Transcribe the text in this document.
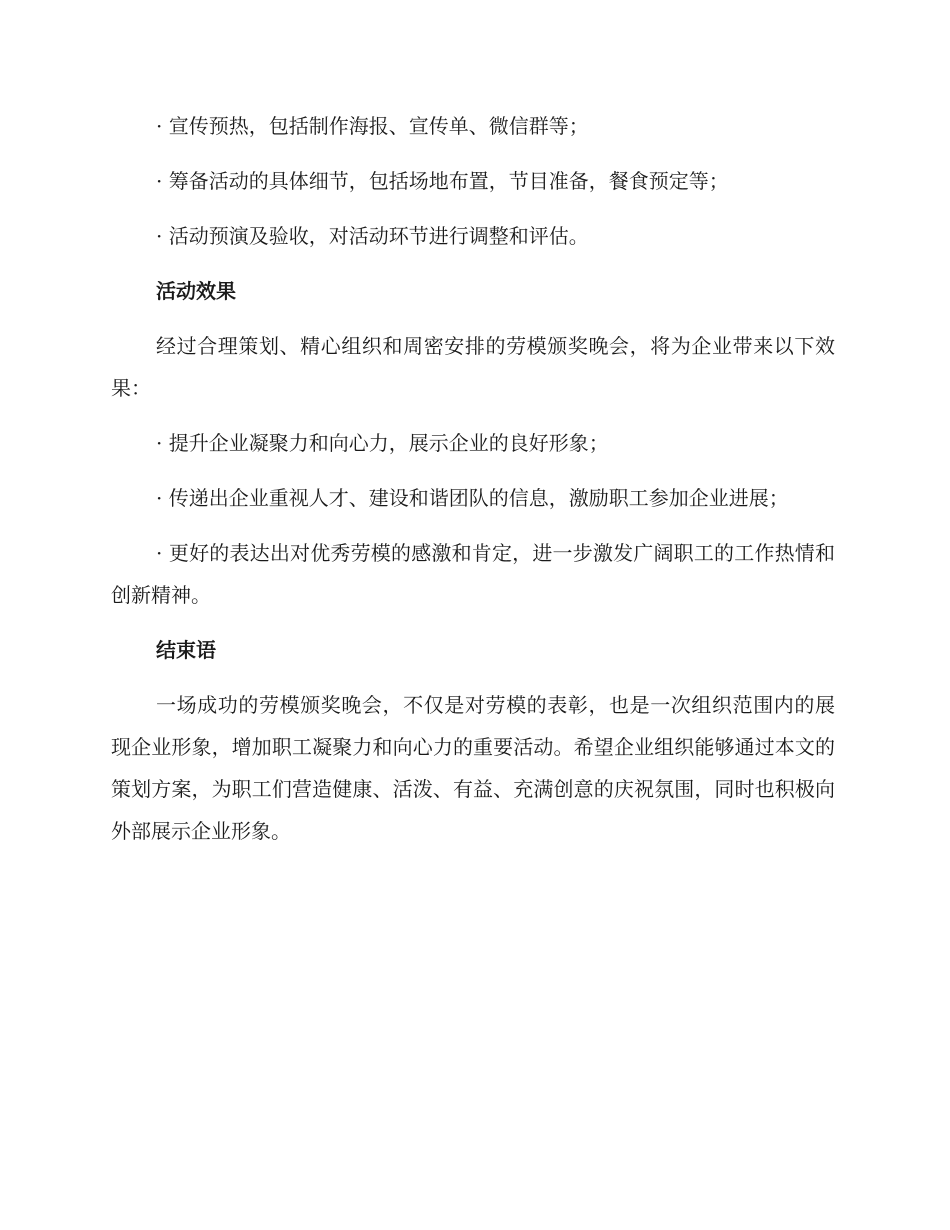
· 宣传预热，包括制作海报、宣传单、微信群等；

· 筹备活动的具体细节，包括场地布置，节目准备，餐食预定等；

· 活动预演及验收，对活动环节进行调整和评估。

活动效果

经过合理策划、精心组织和周密安排的劳模颁奖晚会，将为企业带来以下效果：

· 提升企业凝聚力和向心力，展示企业的良好形象；

· 传递出企业重视人才、建设和谐团队的信息，激励职工参加企业进展；

· 更好的表达出对优秀劳模的感激和肯定，进一步激发广阔职工的工作热情和创新精神。

结束语

一场成功的劳模颁奖晚会，不仅是对劳模的表彰，也是一次组织范围内的展现企业形象，增加职工凝聚力和向心力的重要活动。希望企业组织能够通过本文的策划方案，为职工们营造健康、活泼、有益、充满创意的庆祝氛围，同时也积极向外部展示企业形象。
